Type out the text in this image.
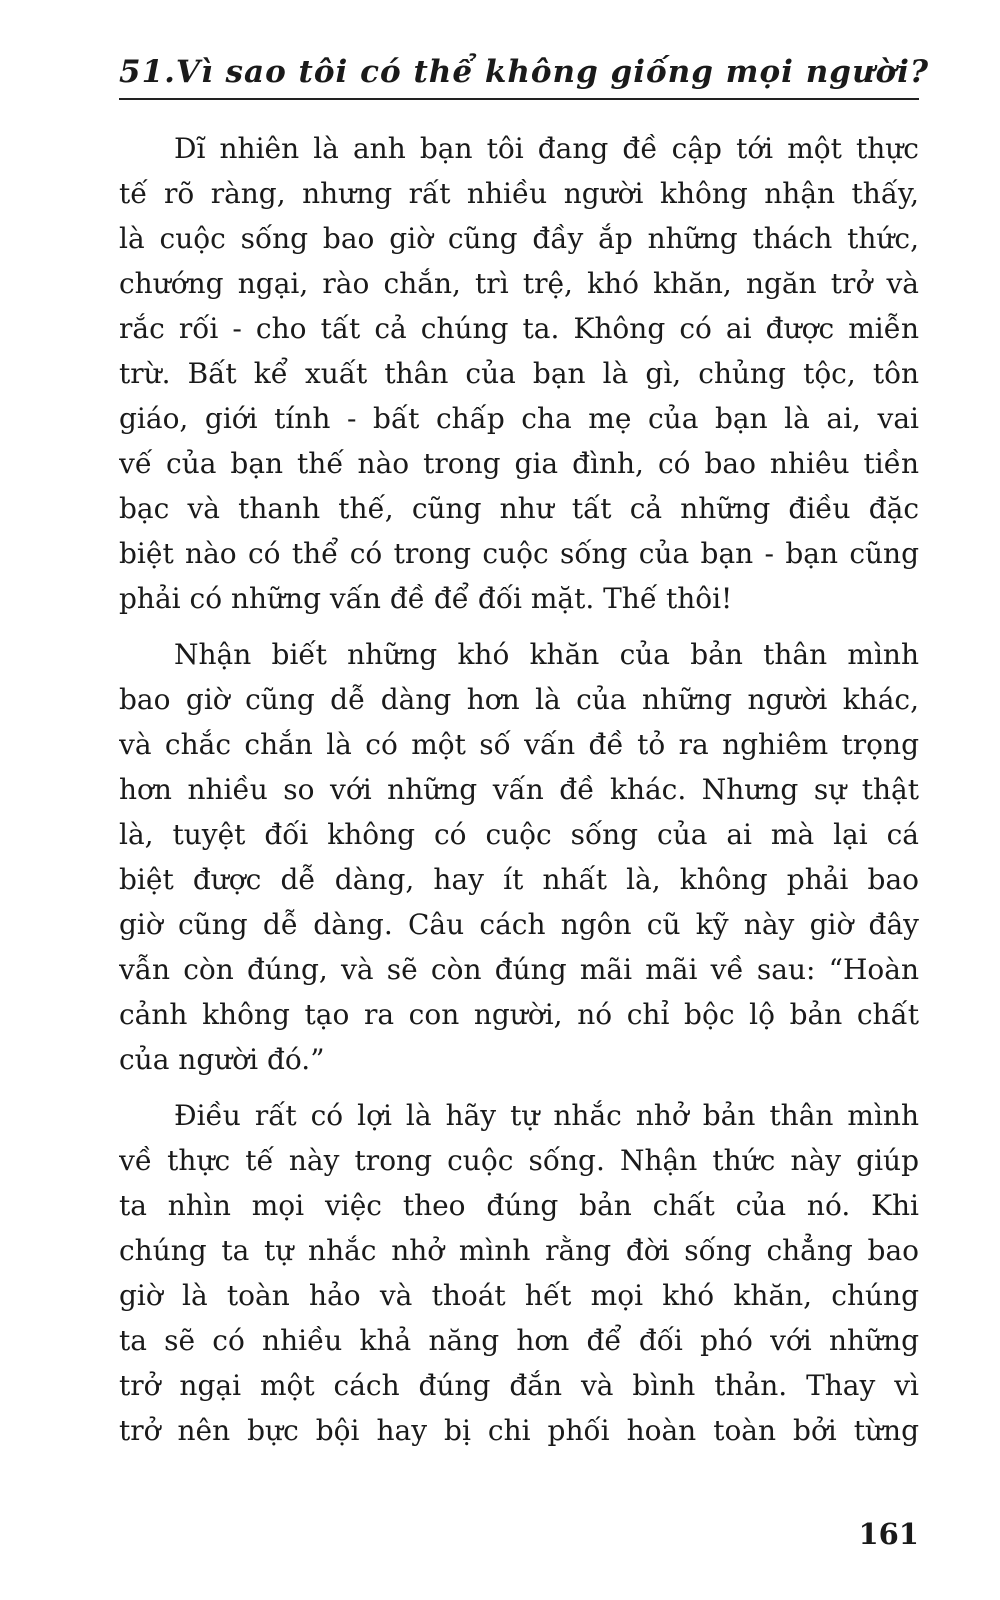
51.Vì sao tôi có thể không giống mọi người?
Dĩ nhiên là anh bạn tôi đang đề cập tới một thực
tế rõ ràng, nhưng rất nhiều người không nhận thấy,
là cuộc sống bao giờ cũng đầy ắp những thách thức,
chướng ngại, rào chắn, trì trệ, khó khăn, ngăn trở và
rắc rối - cho tất cả chúng ta. Không có ai được miễn
trừ. Bất kể xuất thân của bạn là gì, chủng tộc, tôn
giáo, giới tính - bất chấp cha mẹ của bạn là ai, vai
vế của bạn thế nào trong gia đình, có bao nhiêu tiền
bạc và thanh thế, cũng như tất cả những điều đặc
biệt nào có thể có trong cuộc sống của bạn - bạn cũng
phải có những vấn đề để đối mặt. Thế thôi!
Nhận biết những khó khăn của bản thân mình
bao giờ cũng dễ dàng hơn là của những người khác,
và chắc chắn là có một số vấn đề tỏ ra nghiêm trọng
hơn nhiều so với những vấn đề khác. Nhưng sự thật
là, tuyệt đối không có cuộc sống của ai mà lại cá
biệt được dễ dàng, hay ít nhất là, không phải bao
giờ cũng dễ dàng. Câu cách ngôn cũ kỹ này giờ đây
vẫn còn đúng, và sẽ còn đúng mãi mãi về sau: “Hoàn
cảnh không tạo ra con người, nó chỉ bộc lộ bản chất
của người đó.”
Điều rất có lợi là hãy tự nhắc nhở bản thân mình
về thực tế này trong cuộc sống. Nhận thức này giúp
ta nhìn mọi việc theo đúng bản chất của nó. Khi
chúng ta tự nhắc nhở mình rằng đời sống chẳng bao
giờ là toàn hảo và thoát hết mọi khó khăn, chúng
ta sẽ có nhiều khả năng hơn để đối phó với những
trở ngại một cách đúng đắn và bình thản. Thay vì
trở nên bực bội hay bị chi phối hoàn toàn bởi từng
161
